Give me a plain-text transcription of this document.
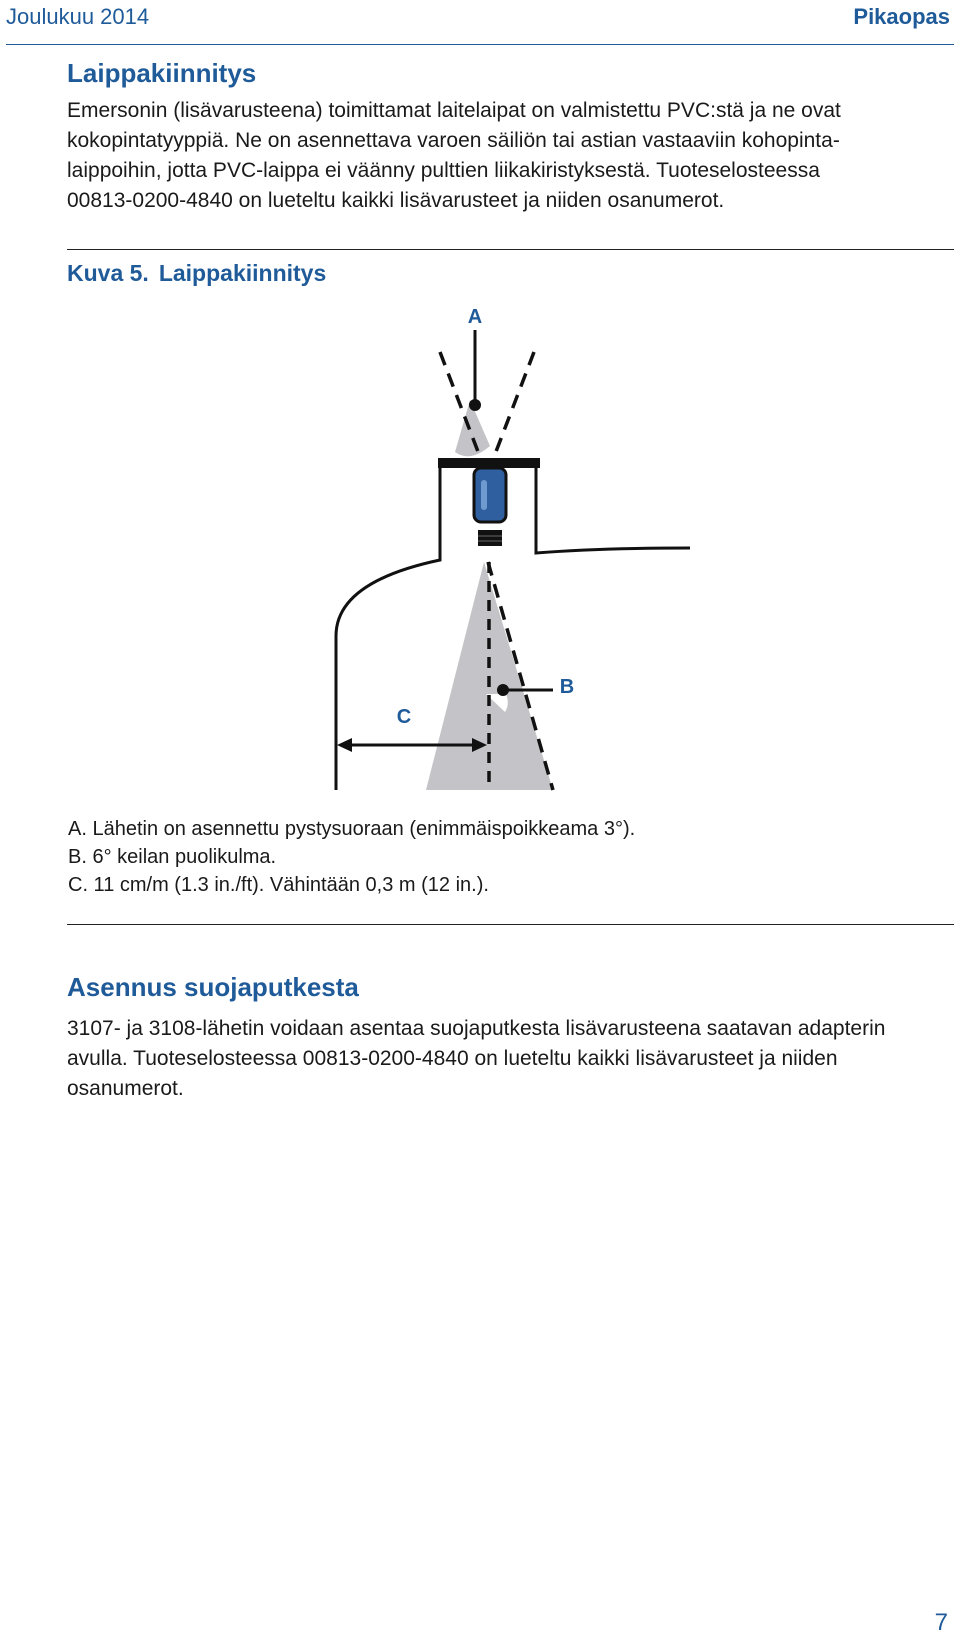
Joulukuu 2014	Pikaopas
Laippakiinnitys
Emersonin (lisävarusteena) toimittamat laitelaipat on valmistettu PVC:stä ja ne ovat
kokopintatyyppiä. Ne on asennettava varoen säiliön tai astian vastaaviin kohopinta-
laippoihin, jotta PVC-laippa ei väänny pulttien liikakiristyksestä. Tuoteselosteessa
00813-0200-4840 on lueteltu kaikki lisävarusteet ja niiden osanumerot.
Kuva 5. Laippakiinnitys
A
B
C
A. Lähetin on asennettu pystysuoraan (enimmäispoikkeama 3°).
B. 6° keilan puolikulma.
C. 11 cm/m (1.3 in./ft). Vähintään 0,3 m (12 in.).
Asennus suojaputkesta
3107- ja 3108-lähetin voidaan asentaa suojaputkesta lisävarusteena saatavan adapterin
avulla. Tuoteselosteessa 00813-0200-4840 on lueteltu kaikki lisävarusteet ja niiden
osanumerot.
7
